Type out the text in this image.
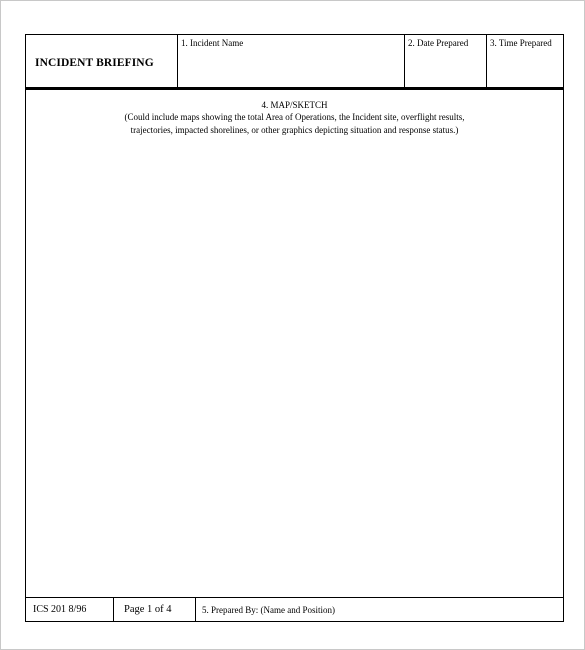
INCIDENT BRIEFING
1. Incident Name	2. Date Prepared 3. Time Prepared
4. MAP/SKETCH
(Could include maps showing the total Area of Operations, the Incident site, overflight results,
trajectories, impacted shorelines, or other graphics depicting situation and response status.)
ICS 201 8/96	Page 1 of 4	5. Prepared By: (Name and Position)
